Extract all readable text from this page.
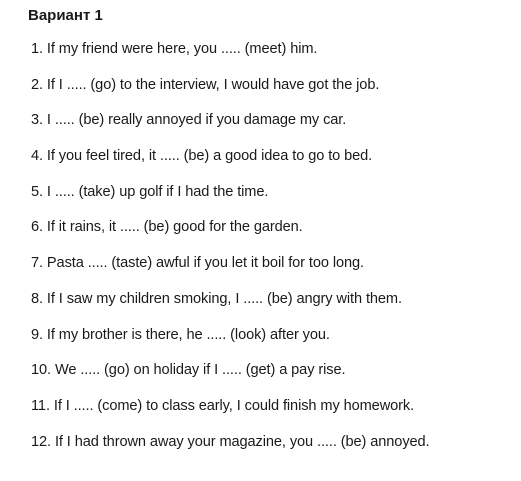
Вариант 1
1. If my friend were here, you ..... (meet) him.
2. If I ..... (go) to the interview, I would have got the job.
3. I ..... (be) really annoyed if you damage my car.
4. If you feel tired, it ..... (be) a good idea to go to bed.
5. I ..... (take) up golf if I had the time.
6. If it rains, it ..... (be) good for the garden.
7. Pasta ..... (taste) awful if you let it boil for too long.
8. If I saw my children smoking, I ..... (be) angry with them.
9. If my brother is there, he ..... (look) after you.
10. We ..... (go) on holiday if I ..... (get) a pay rise.
11. If I ..... (come) to class early, I could finish my homework.
12. If I had thrown away your magazine, you ..... (be) annoyed.
